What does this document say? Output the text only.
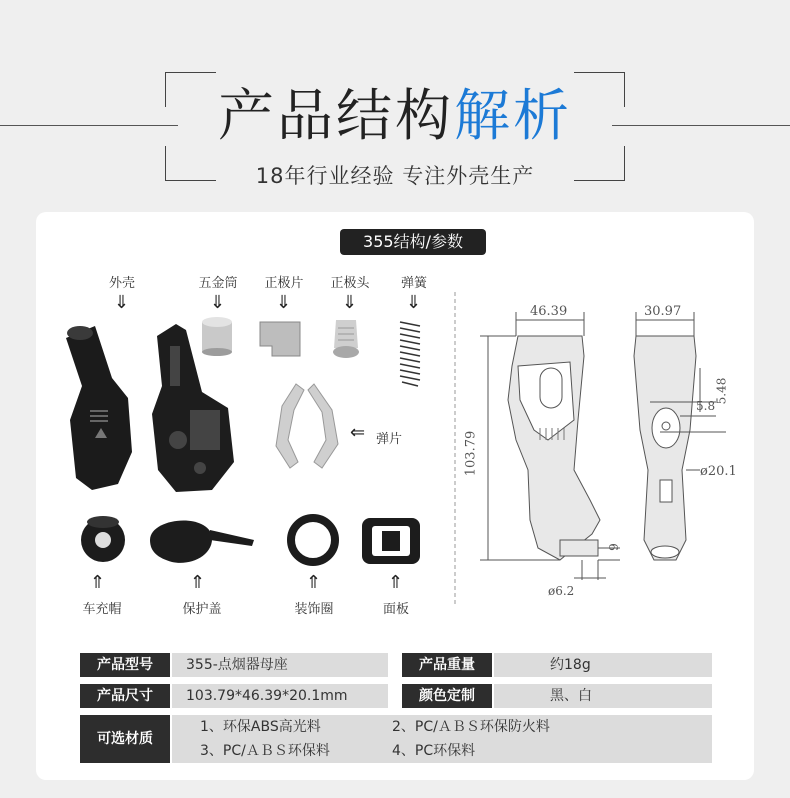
产品结构解析
18年行业经验 专注外壳生产
355结构/参数
外壳
⇓
五金筒
⇓
正极片
⇓
正极头
⇓
弹簧
⇓
⇐ 弹片
⇑
车充帽
⇑
保护盖
⇑
装饰圈
⇑
面板
46.39	30.97
103.79
5.8
5.48
ø20.1
ø6.2
9
产品型号	355-点烟器母座	产品重量	约18g
产品尺寸	103.79*46.39*20.1mm	颜色定制	黑、白
可选材质
1、环保ABS高光料	2、PC/ＡＢＳ环保防火料
3、PC/ＡＢＳ环保料	4、PC环保料
